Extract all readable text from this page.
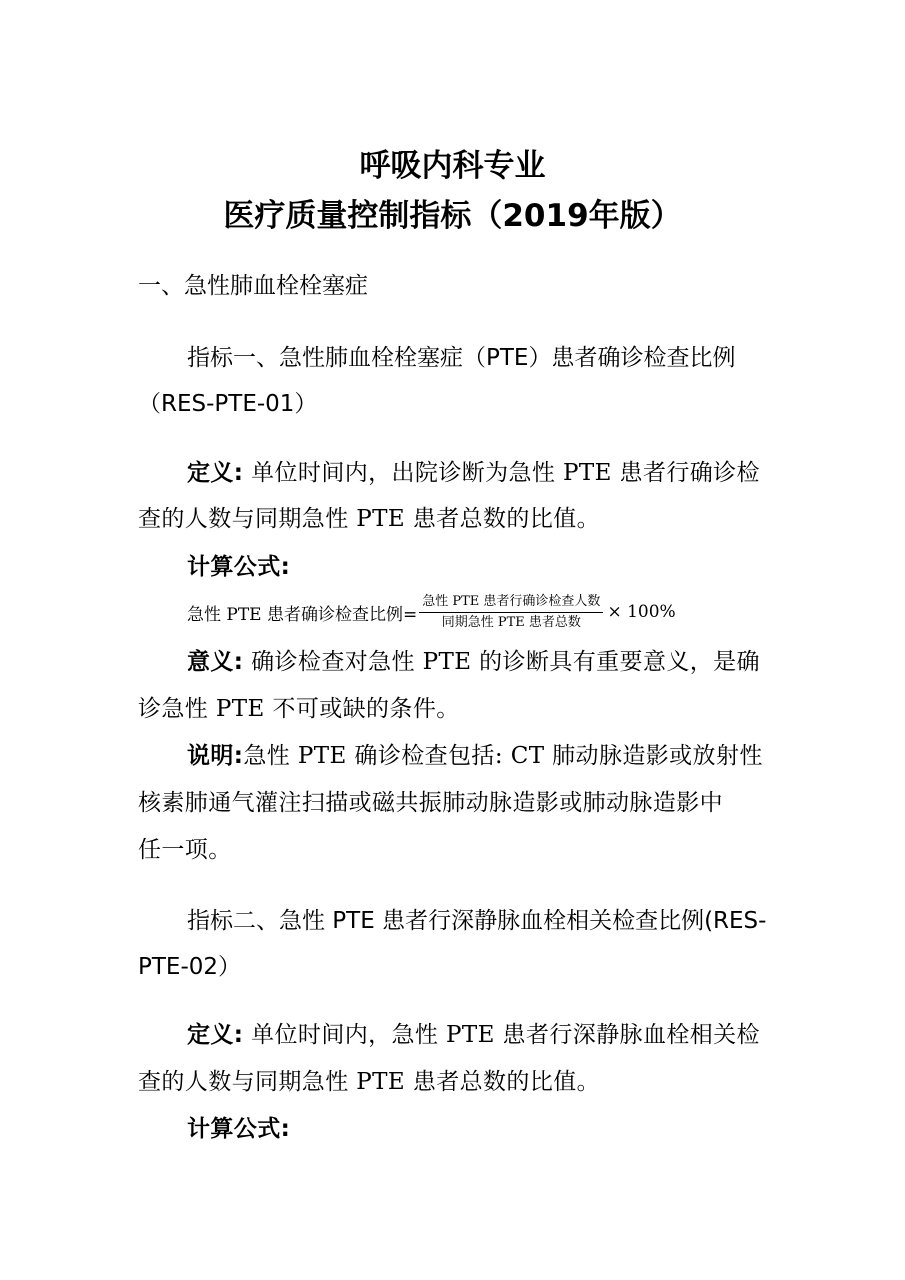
呼吸内科专业
医疗质量控制指标（2019年版）
一、急性肺血栓栓塞症
指标一、急性肺血栓栓塞症（PTE）患者确诊检查比例
（RES-PTE-01）
定义: 单位时间内，出院诊断为急性 PTE 患者行确诊检
查的人数与同期急性 PTE 患者总数的比值。
计算公式:
急性 PTE 患者确诊检查比例= $\frac{\text{急性 PTE 患者行确诊检查人数}}{\text{同期急性 PTE 患者总数}} \times 100\%$
意义: 确诊检查对急性 PTE 的诊断具有重要意义，是确
诊急性 PTE 不可或缺的条件。
说明:急性 PTE 确诊检查包括: CT 肺动脉造影或放射性
核素肺通气灌注扫描或磁共振肺动脉造影或肺动脉造影中
任一项。
指标二、急性 PTE 患者行深静脉血栓相关检查比例(RES-
PTE-02）
定义: 单位时间内，急性 PTE 患者行深静脉血栓相关检
查的人数与同期急性 PTE 患者总数的比值。
计算公式:
